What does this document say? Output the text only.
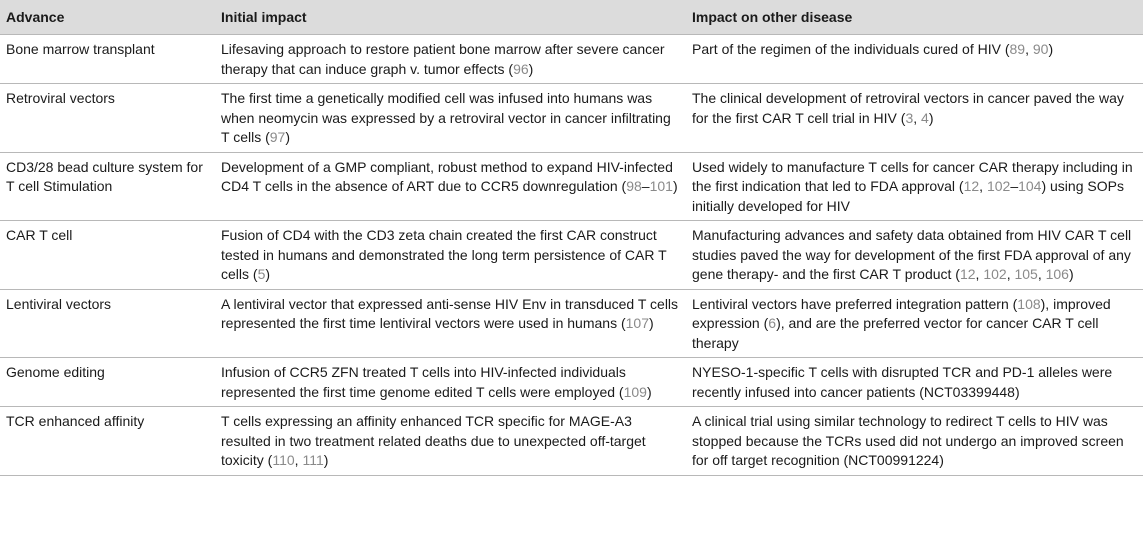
Advance	Initial impact	Impact on other disease
Bone marrow transplant	Lifesaving approach to restore patient bone marrow after severe cancer therapy that can induce graph v. tumor effects (96)	Part of the regimen of the individuals cured of HIV (89, 90)
Retroviral vectors	The first time a genetically modified cell was infused into humans was when neomycin was expressed by a retroviral vector in cancer infiltrating T cells (97)	The clinical development of retroviral vectors in cancer paved the way for the first CAR T cell trial in HIV (3, 4)
CD3/28 bead culture system for T cell Stimulation	Development of a GMP compliant, robust method to expand HIV-infected CD4 T cells in the absence of ART due to CCR5 downregulation (98–101)	Used widely to manufacture T cells for cancer CAR therapy including in the first indication that led to FDA approval (12, 102–104) using SOPs initially developed for HIV
CAR T cell	Fusion of CD4 with the CD3 zeta chain created the first CAR construct tested in humans and demonstrated the long term persistence of CAR T cells (5)	Manufacturing advances and safety data obtained from HIV CAR T cell studies paved the way for development of the first FDA approval of any gene therapy- and the first CAR T product (12, 102, 105, 106)
Lentiviral vectors	A lentiviral vector that expressed anti-sense HIV Env in transduced T cells represented the first time lentiviral vectors were used in humans (107)	Lentiviral vectors have preferred integration pattern (108), improved expression (6), and are the preferred vector for cancer CAR T cell therapy
Genome editing	Infusion of CCR5 ZFN treated T cells into HIV-infected individuals represented the first time genome edited T cells were employed (109)	NYESO-1-specific T cells with disrupted TCR and PD-1 alleles were recently infused into cancer patients (NCT03399448)
TCR enhanced affinity	T cells expressing an affinity enhanced TCR specific for MAGE-A3 resulted in two treatment related deaths due to unexpected off-target toxicity (110, 111)	A clinical trial using similar technology to redirect T cells to HIV was stopped because the TCRs used did not undergo an improved screen for off target recognition (NCT00991224)
